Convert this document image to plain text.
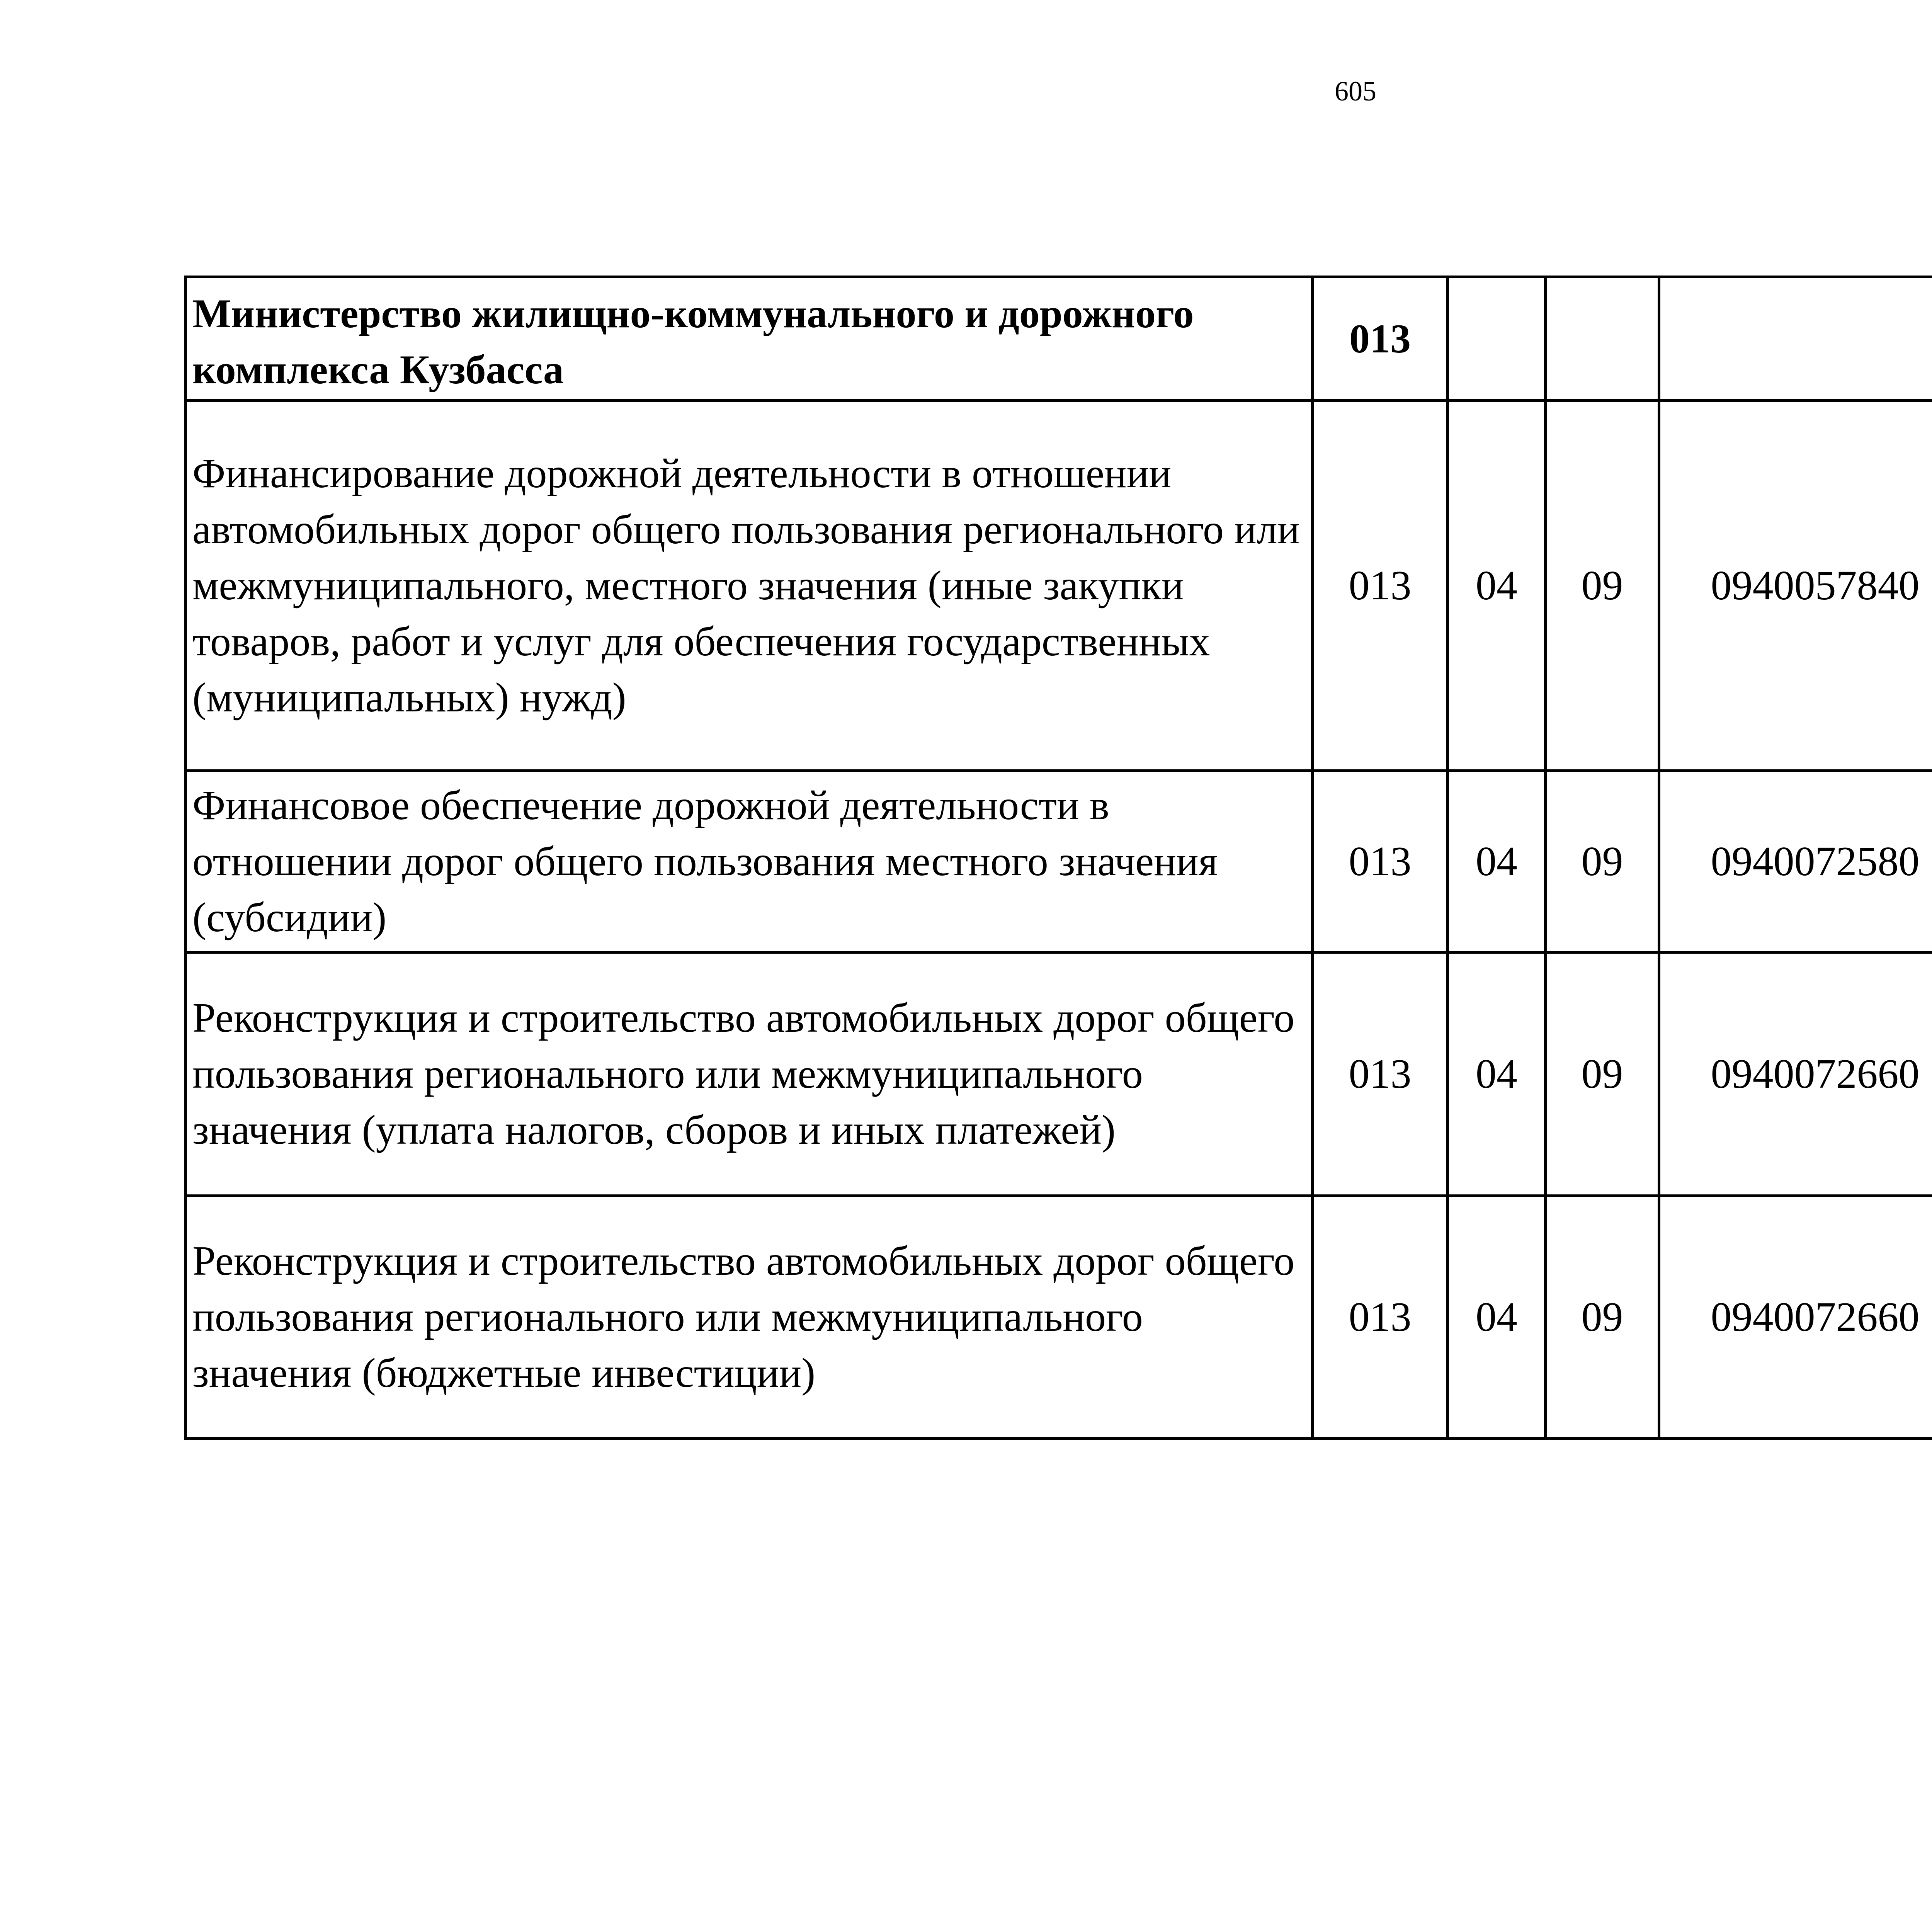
605
Министерство жилищно-коммунального и дорожного комплекса Кузбасса	013					
Финансирование дорожной деятельности в отношении автомобильных дорог общего пользования регионального или межмуниципального, местного значения (иные закупки товаров, работ и услуг для обеспечения государственных (муниципальных) нужд)	013	04	09	0940057840		
Финансовое обеспечение дорожной деятельности в отношении дорог общего пользования местного значения (субсидии)	013	04	09	0940072580		
Реконструкция и строительство автомобильных дорог общего пользования регионального или межмуниципального значения (уплата налогов, сборов и иных платежей)	013	04	09	0940072660		
Реконструкция и строительство автомобильных дорог общего пользования регионального или межмуниципального значения (бюджетные инвестиции)	013	04	09	0940072660		
